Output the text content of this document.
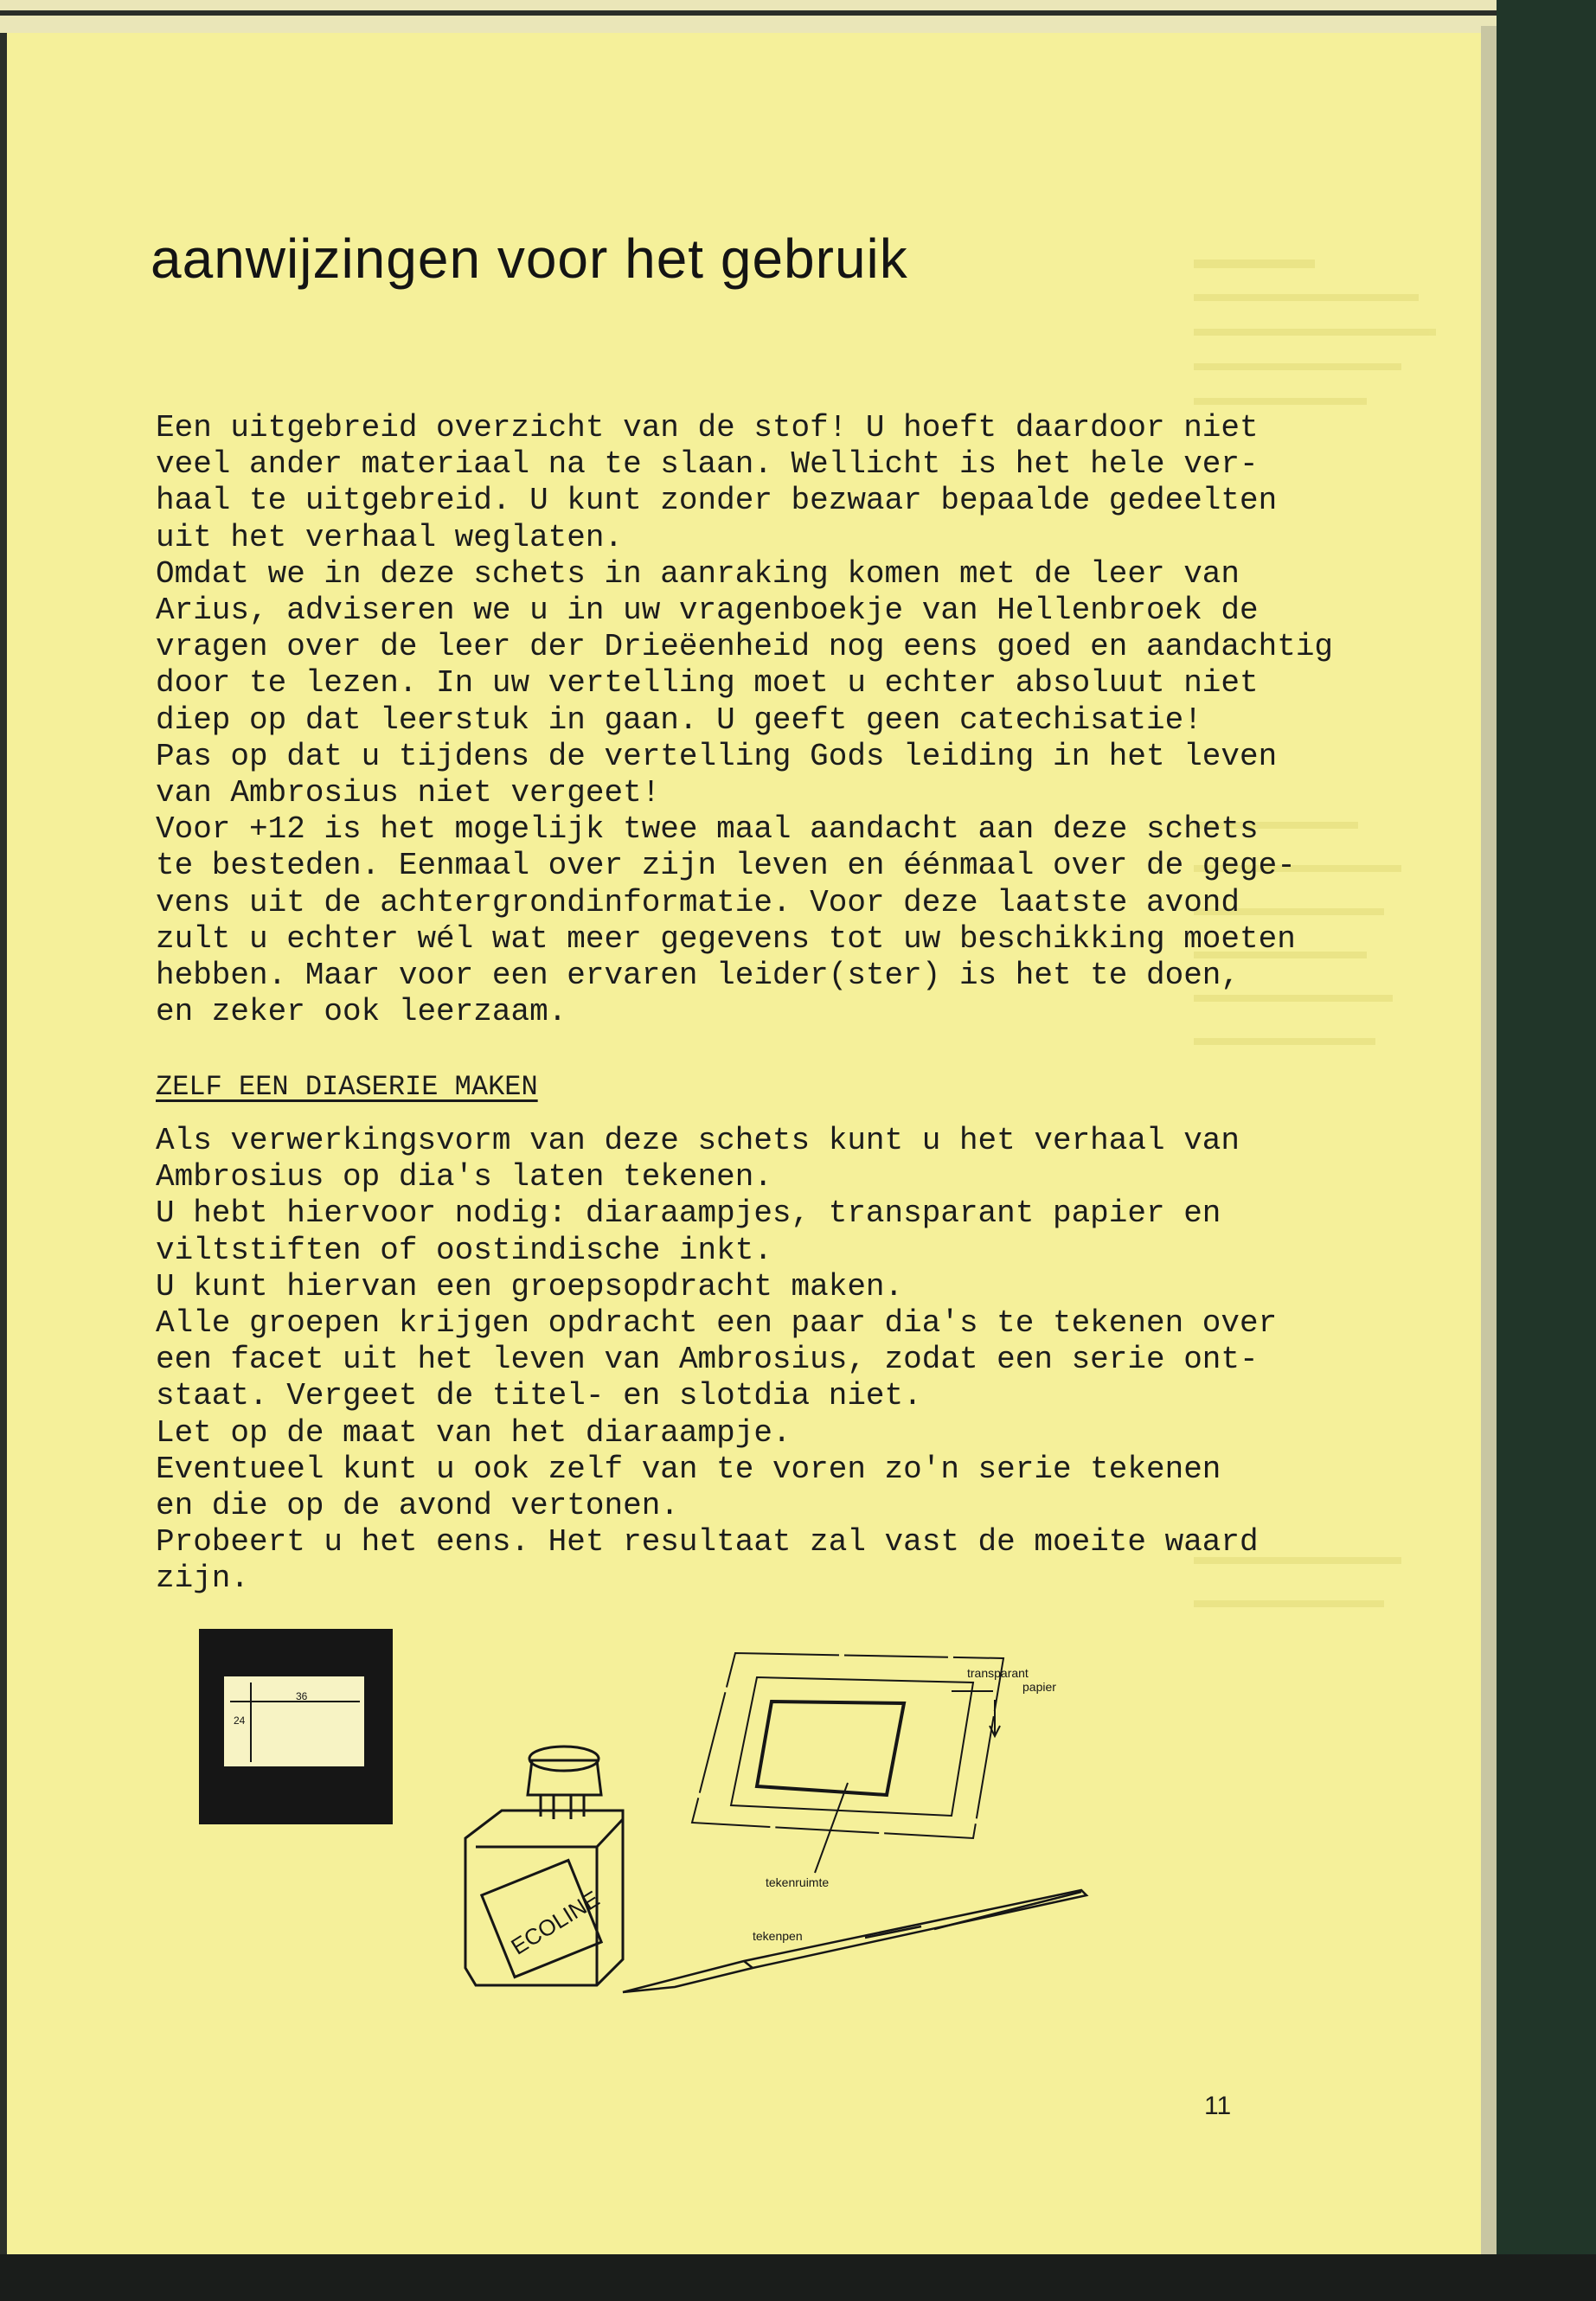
aanwijzingen voor het gebruik

Een uitgebreid overzicht van de stof! U hoeft daardoor niet

veel ander materiaal na te slaan. Wellicht is het hele ver-

haal te uitgebreid. U kunt zonder bezwaar bepaalde gedeelten

uit het verhaal weglaten.

Omdat we in deze schets in aanraking komen met de leer van

Arius, adviseren we u in uw vragenboekje van Hellenbroek de

vragen over de leer der Drieëenheid nog eens goed en aandachtig

door te lezen. In uw vertelling moet u echter absoluut niet

diep op dat leerstuk in gaan. U geeft geen catechisatie!

Pas op dat u tijdens de vertelling Gods leiding in het leven

van Ambrosius niet vergeet!

Voor +12 is het mogelijk twee maal aandacht aan deze schets

te besteden. Eenmaal over zijn leven en éénmaal over de gege-

vens uit de achtergrondinformatie. Voor deze laatste avond

zult u echter wél wat meer gegevens tot uw beschikking moeten

hebben. Maar voor een ervaren leider(ster) is het te doen,

en zeker ook leerzaam.

ZELF EEN DIASERIE MAKEN

Als verwerkingsvorm van deze schets kunt u het verhaal van

Ambrosius op dia's laten tekenen.

U hebt hiervoor nodig: diaraampjes, transparant papier en

viltstiften of oostindische inkt.

U kunt hiervan een groepsopdracht maken.

Alle groepen krijgen opdracht een paar dia's te tekenen over

een facet uit het leven van Ambrosius, zodat een serie ont-

staat. Vergeet de titel- en slotdia niet.

Let op de maat van het diaraampje.

Eventueel kunt u ook zelf van te voren zo'n serie tekenen

en die op de avond vertonen.

Probeert u het eens. Het resultaat zal vast de moeite waard

zijn.

36
24
ECOLINE
transparant
papier
tekenruimte
tekenpen
11
